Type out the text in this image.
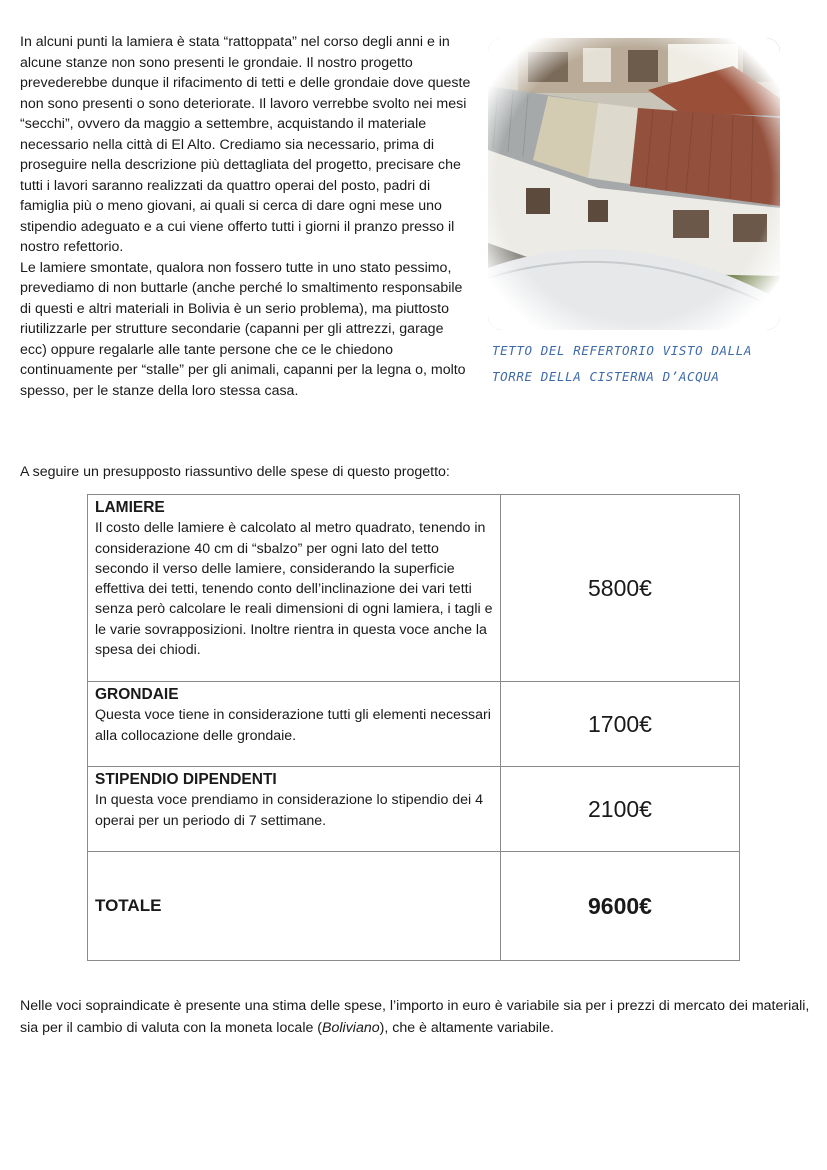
In alcuni punti la lamiera è stata “rattoppata” nel corso degli anni e in alcune stanze non sono presenti le grondaie. Il nostro progetto prevederebbe dunque il rifacimento di tetti e delle grondaie dove queste non sono presenti o sono deteriorate. Il lavoro verrebbe svolto nei mesi “secchi”, ovvero da maggio a settembre, acquistando il materiale necessario nella città di El Alto. Crediamo sia necessario, prima di proseguire nella descrizione più dettagliata del progetto, precisare che tutti i lavori saranno realizzati da quattro operai del posto, padri di famiglia più o meno giovani, ai quali si cerca di dare ogni mese uno stipendio adeguato e a cui viene offerto tutti i giorni il pranzo presso il nostro refettorio.

Le lamiere smontate, qualora non fossero tutte in uno stato pessimo, prevediamo di non buttarle (anche perché lo smaltimento responsabile di questi e altri materiali in Bolivia è un serio problema), ma piuttosto riutilizzarle per strutture secondarie (capanni per gli attrezzi, garage ecc) oppure regalarle alle tante persone che ce le chiedono continuamente per “stalle” per gli animali, capanni per la legna o, molto spesso, per le stanze della loro stessa casa.

TETTO DEL REFERTORIO VISTO DALLA
TORRE DELLA CISTERNA D’ACQUA
A seguire un presupposto riassuntivo delle spese di questo progetto:
LAMIERE
Il costo delle lamiere è calcolato al metro quadrato, tenendo in considerazione 40 cm di “sbalzo” per ogni lato del tetto secondo il verso delle lamiere, considerando la superficie effettiva dei tetti, tenendo conto dell’inclinazione dei vari tetti senza però calcolare le reali dimensioni di ogni lamiera, i tagli e le varie sovrapposizioni. Inoltre rientra in questa voce anche la spesa dei chiodi.	5800€

GRONDAIE
Questa voce tiene in considerazione tutti gli elementi necessari alla collocazione delle grondaie.	1700€

STIPENDIO DIPENDENTI
In questa voce prendiamo in considerazione lo stipendio dei 4 operai per un periodo di 7 settimane.	2100€

TOTALE	9600€

Nelle voci sopraindicate è presente una stima delle spese, l’importo in euro è variabile sia per i prezzi di mercato dei materiali, sia per il cambio di valuta con la moneta locale (Boliviano), che è altamente variabile.
